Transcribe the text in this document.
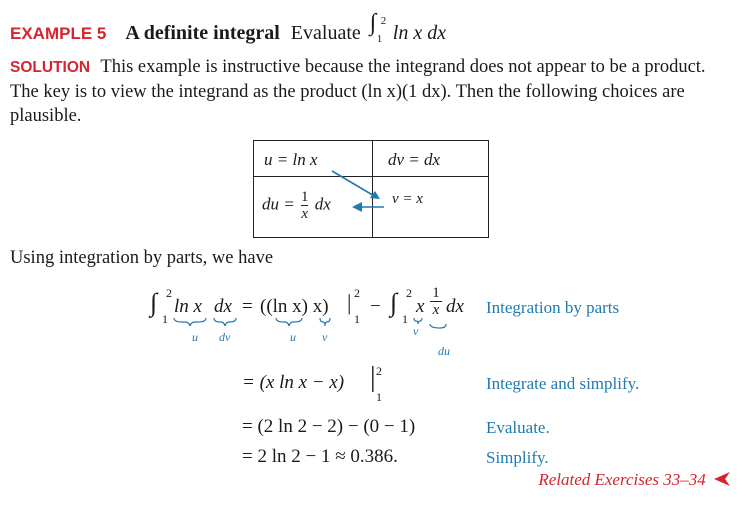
EXAMPLE 5 A definite integral Evaluate ∫ 2
1 ln x dx
SOLUTION This example is instructive because the integrand does not appear to be a product. The key is to view the integrand as the product (ln x)(1 dx). Then the following choices are plausible.
u = ln x	dv = dx
du = $\frac{1}{x}$ dx	v = x
Using integration by parts, we have
∫ 2
1
ln x dx = ((ln x) x) | 2
1
− ∫ 2
1
x
1
x dx
u dv	u v	v
du
Integration by parts
= (x ln x − x) | 2
1
Integrate and simplify.
= (2 ln 2 − 2) − (0 − 1)	Evaluate.
= 2 ln 2 − 1 ≈ 0.386.	Simplify.
Related Exercises 33–34
